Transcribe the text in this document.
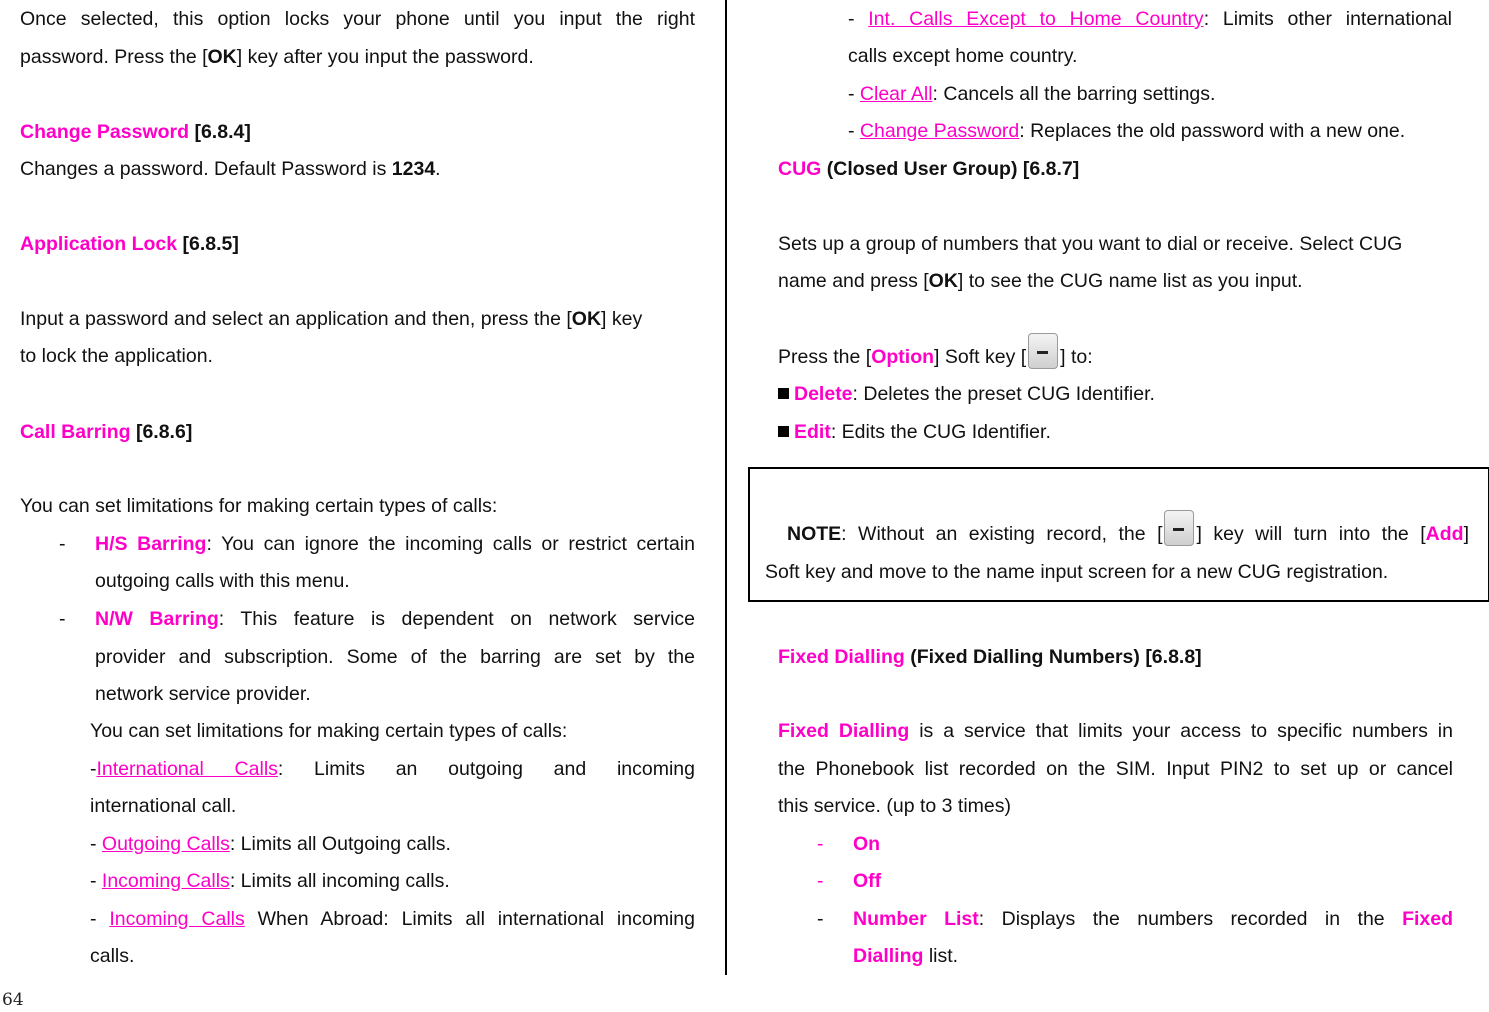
Once selected, this option locks your phone until you input the right
password. Press the [OK] key after you input the password.
Change Password [6.8.4]
Changes a password. Default Password is 1234.
Application Lock [6.8.5]
Input a password and select an application and then, press the [OK] key
to lock the application.
Call Barring [6.8.6]
You can set limitations for making certain types of calls:
- H/S Barring: You can ignore the incoming calls or restrict certain
outgoing calls with this menu.
- N/W Barring: This feature is dependent on network service
provider and subscription. Some of the barring are set by the
network service provider.
You can set limitations for making certain types of calls:
-International Calls: Limits an outgoing and incoming
international call.
- Outgoing Calls: Limits all Outgoing calls.
- Incoming Calls: Limits all incoming calls.
- Incoming Calls When Abroad: Limits all international incoming
calls.
- Int. Calls Except to Home Country: Limits other international
calls except home country.
- Clear All: Cancels all the barring settings.
- Change Password: Replaces the old password with a new one.
CUG (Closed User Group) [6.8.7]
Sets up a group of numbers that you want to dial or receive. Select CUG
name and press [OK] to see the CUG name list as you input.
Press the [Option] Soft key [ ] to:
Delete: Deletes the preset CUG Identifier.
Edit: Edits the CUG Identifier.
NOTE: Without an existing record, the [ ] key will turn into the [Add]
Soft key and move to the name input screen for a new CUG registration.
Fixed Dialling (Fixed Dialling Numbers) [6.8.8]
Fixed Dialling is a service that limits your access to specific numbers in
the Phonebook list recorded on the SIM. Input PIN2 to set up or cancel
this service. (up to 3 times)
- On
- Off
- Number List: Displays the numbers recorded in the Fixed
Dialling list.
64
